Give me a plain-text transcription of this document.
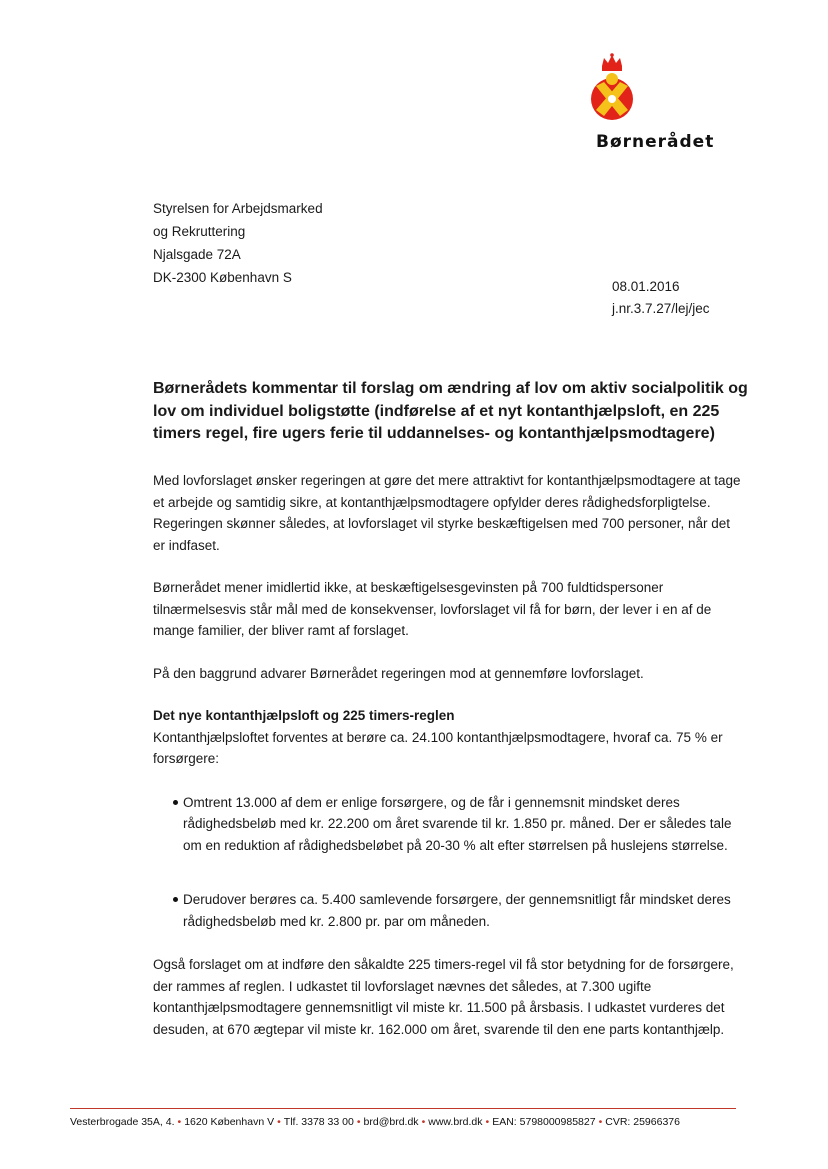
Børnerådet
Styrelsen for Arbejdsmarked
og Rekruttering
Njalsgade 72A
DK-2300 København S
08.01.2016
j.nr.3.7.27/lej/jec
Børnerådets kommentar til forslag om ændring af lov om aktiv socialpolitik og lov om individuel boligstøtte (indførelse af et nyt kontanthjælpsloft, en 225 timers regel, fire ugers ferie til uddannelses- og kontanthjælpsmodtagere)

Med lovforslaget ønsker regeringen at gøre det mere attraktivt for kontanthjælpsmodtagere at tage et arbejde og samtidig sikre, at kontanthjælpsmodtagere opfylder deres rådighedsforpligtelse. Regeringen skønner således, at lovforslaget vil styrke beskæftigelsen med 700 personer, når det er indfaset.

Børnerådet mener imidlertid ikke, at beskæftigelsesgevinsten på 700 fuldtidspersoner tilnærmelsesvis står mål med de konsekvenser, lovforslaget vil få for børn, der lever i en af de mange familier, der bliver ramt af forslaget.

På den baggrund advarer Børnerådet regeringen mod at gennemføre lovforslaget.

Det nye kontanthjælpsloft og 225 timers-reglen

Kontanthjælpsloftet forventes at berøre ca. 24.100 kontanthjælpsmodtagere, hvoraf ca. 75 % er forsørgere:

Omtrent 13.000 af dem er enlige forsørgere, og de får i gennemsnit mindsket deres rådighedsbeløb med kr. 22.200 om året svarende til kr. 1.850 pr. måned. Der er således tale om en reduktion af rådighedsbeløbet på 20-30 % alt efter størrelsen på huslejens størrelse.
Derudover berøres ca. 5.400 samlevende forsørgere, der gennemsnitligt får mindsket deres rådighedsbeløb med kr. 2.800 pr. par om måneden.

Også forslaget om at indføre den såkaldte 225 timers-regel vil få stor betydning for de forsørgere, der rammes af reglen. I udkastet til lovforslaget nævnes det således, at 7.300 ugifte kontanthjælpsmodtagere gennemsnitligt vil miste kr. 11.500 på årsbasis. I udkastet vurderes det desuden, at 670 ægtepar vil miste kr. 162.000 om året, svarende til den ene parts kontanthjælp.

Vesterbrogade 35A, 4. • 1620 København V • Tlf. 3378 33 00 • brd@brd.dk • www.brd.dk • EAN: 5798000985827 • CVR: 25966376
